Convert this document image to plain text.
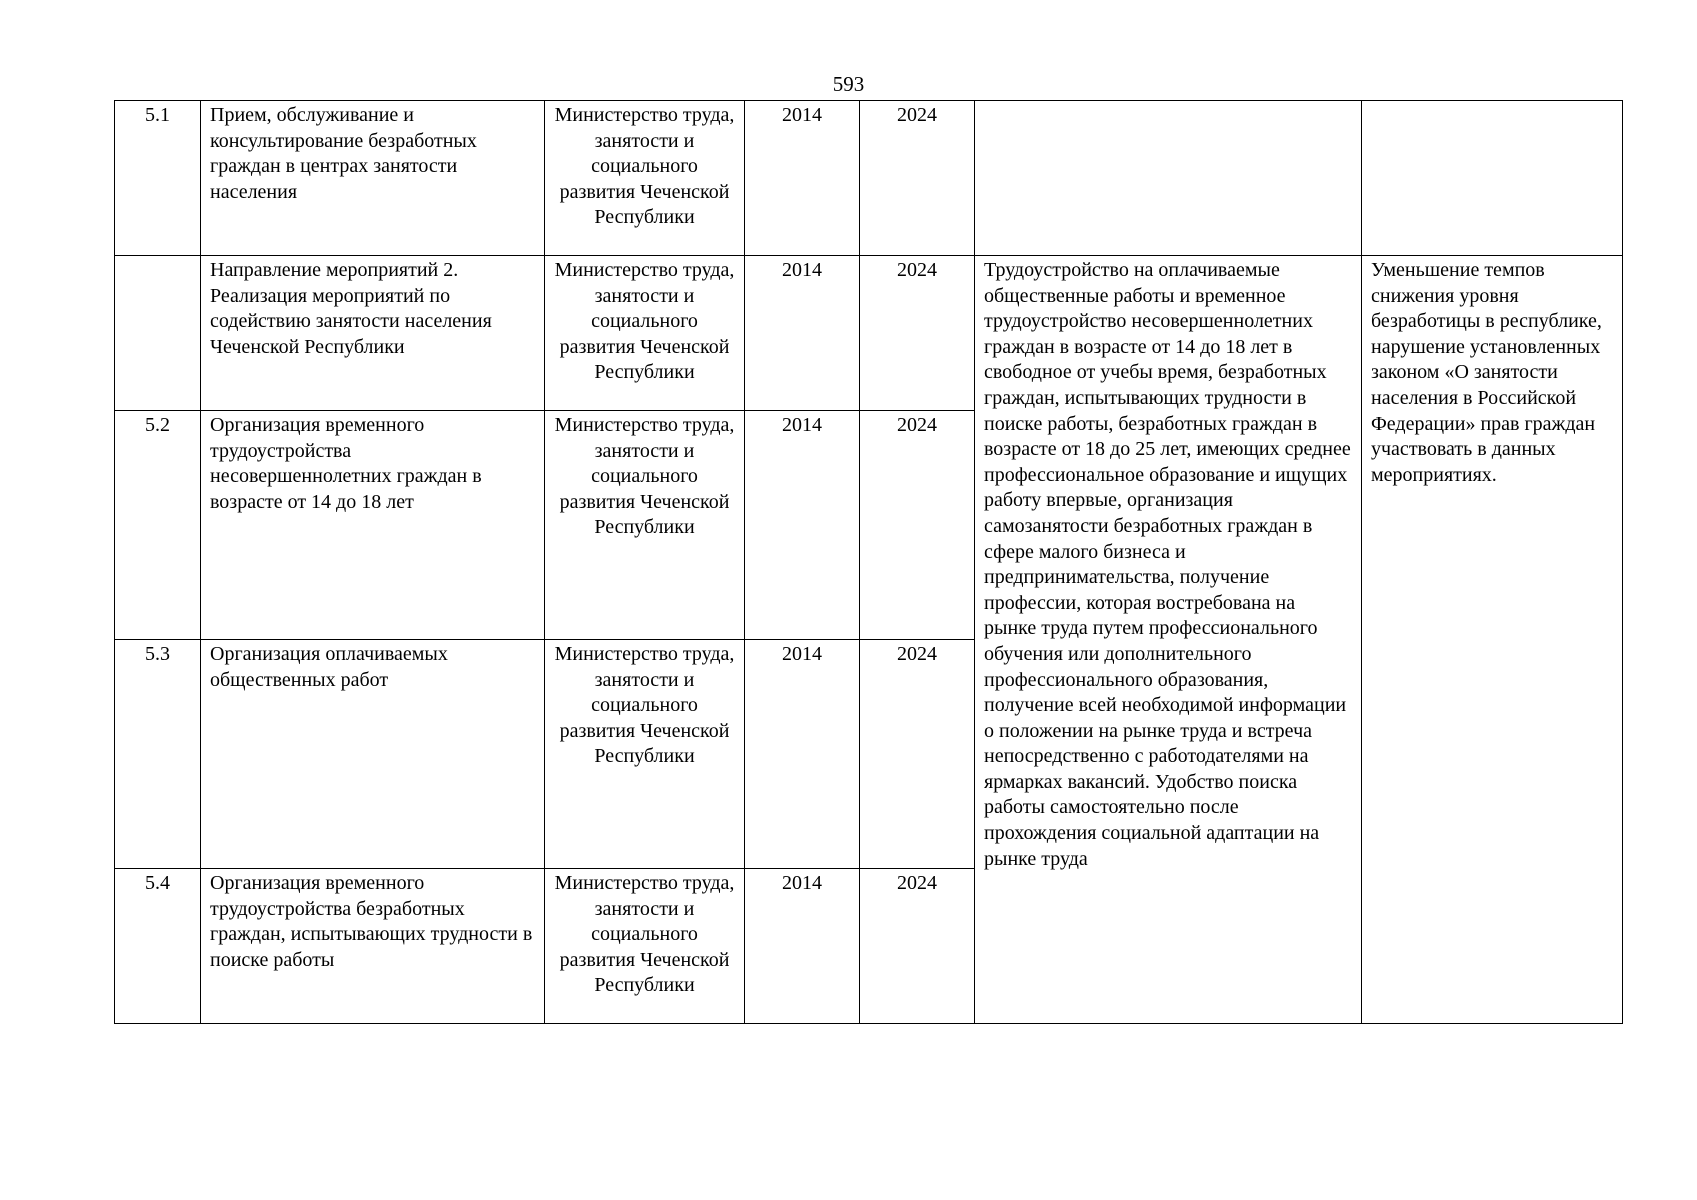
593
5.1	Прием, обслуживание и консультирование безработных граждан в центрах занятости населения	Министерство труда, занятости и социального развития Чеченской Республики	2014	2024		
	Направление мероприятий 2. Реализация мероприятий по содействию занятости населения Чеченской Республики	Министерство труда, занятости и социального развития Чеченской Республики	2014	2024	Трудоустройство на оплачиваемые общественные работы и временное трудоустройство несовершеннолетних граждан в возрасте от 14 до 18 лет в свободное от учебы время, безработных граждан, испытывающих трудности в поиске работы, безработных граждан в возрасте от 18 до 25 лет, имеющих среднее профессиональное образование и ищущих работу впервые, организация самозанятости безработных граждан в сфере малого бизнеса и предпринимательства, получение профессии, которая востребована на рынке труда путем профессионального обучения или дополнительного профессионального образования, получение всей необходимой информации о положении на рынке труда и встреча непосредственно с работодателями на ярмарках вакансий. Удобство поиска работы самостоятельно после прохождения социальной адаптации на рынке труда	Уменьшение темпов снижения уровня безработицы в республике, нарушение установленных законом «О занятости населения в Российской Федерации» прав граждан участвовать в данных мероприятиях.
5.2	Организация временного трудоустройства несовершеннолетних граждан в возрасте от 14 до 18 лет	Министерство труда, занятости и социального развития Чеченской Республики	2014	2024		
5.3	Организация оплачиваемых общественных работ	Министерство труда, занятости и социального развития Чеченской Республики	2014	2024		
5.4	Организация временного трудоустройства безработных граждан, испытывающих трудности в поиске работы	Министерство труда, занятости и социального развития Чеченской Республики	2014	2024		
